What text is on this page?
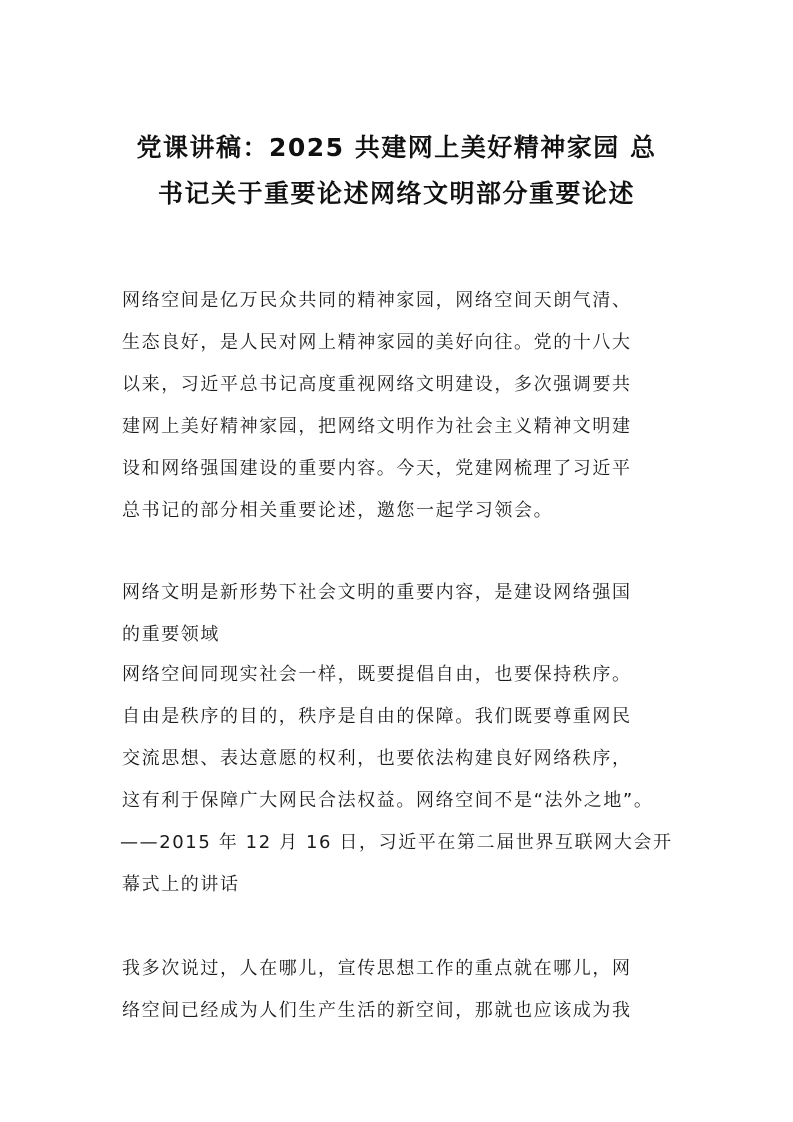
党课讲稿：2025 共建网上美好精神家园 总
书记关于重要论述网络文明部分重要论述
网络空间是亿万民众共同的精神家园，网络空间天朗气清、
生态良好，是人民对网上精神家园的美好向往。党的十八大
以来，习近平总书记高度重视网络文明建设，多次强调要共
建网上美好精神家园，把网络文明作为社会主义精神文明建
设和网络强国建设的重要内容。今天，党建网梳理了习近平
总书记的部分相关重要论述，邀您一起学习领会。
网络文明是新形势下社会文明的重要内容，是建设网络强国
的重要领域
网络空间同现实社会一样，既要提倡自由，也要保持秩序。
自由是秩序的目的，秩序是自由的保障。我们既要尊重网民
交流思想、表达意愿的权利，也要依法构建良好网络秩序，
这有利于保障广大网民合法权益。网络空间不是“法外之地”。
——2015 年 12 月 16 日，习近平在第二届世界互联网大会开
幕式上的讲话
我多次说过，人在哪儿，宣传思想工作的重点就在哪儿，网
络空间已经成为人们生产生活的新空间，那就也应该成为我
